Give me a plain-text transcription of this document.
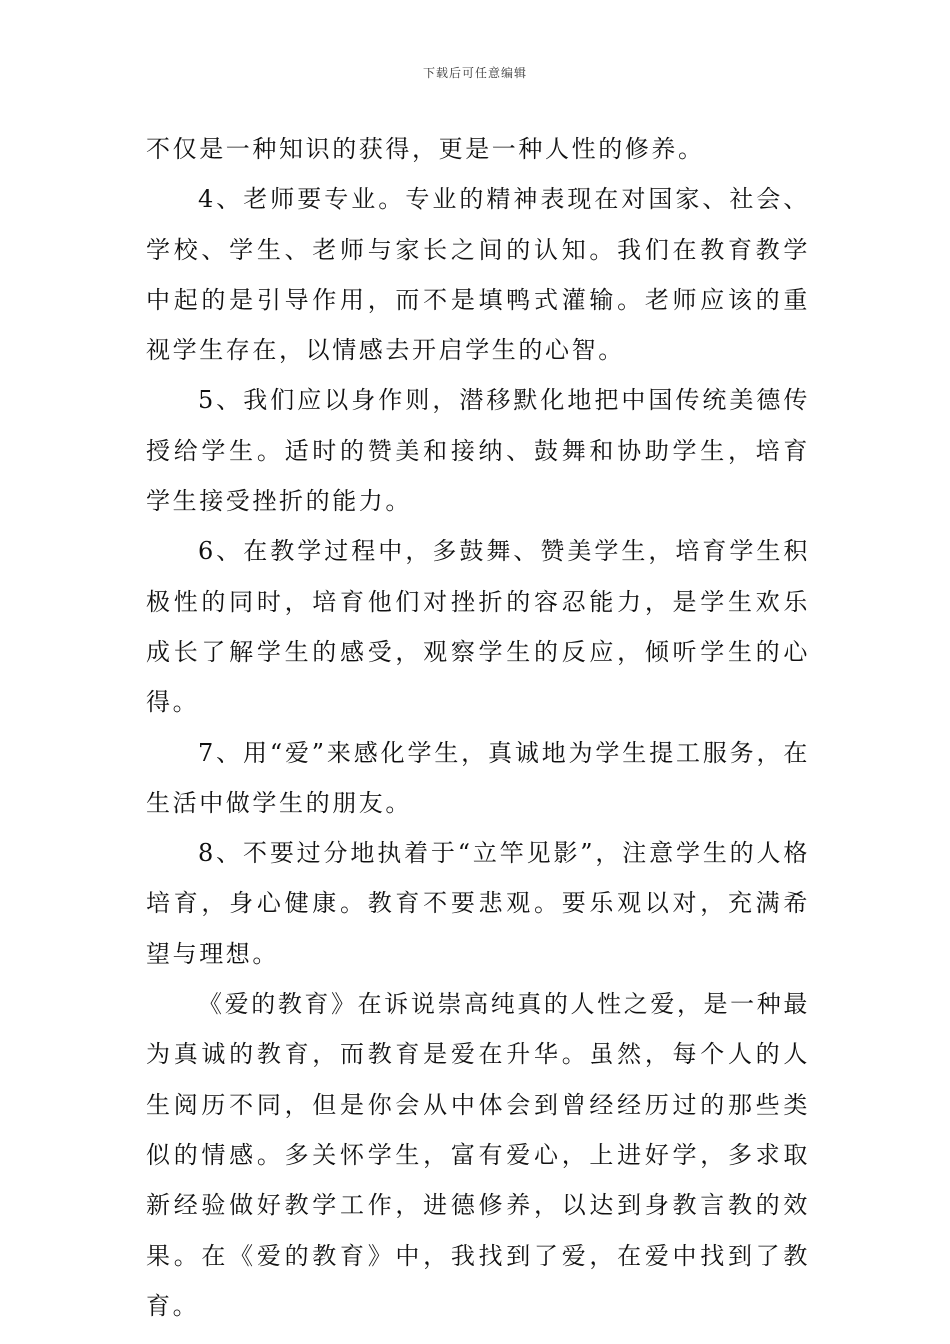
下载后可任意编辑

不仅是一种知识的获得，更是一种人性的修养。

4、老师要专业。专业的精神表现在对国家、社会、学校、学生、老师与家长之间的认知。我们在教育教学中起的是引导作用，而不是填鸭式灌输。老师应该的重视学生存在，以情感去开启学生的心智。

5、我们应以身作则，潜移默化地把中国传统美德传授给学生。适时的赞美和接纳、鼓舞和协助学生，培育学生接受挫折的能力。

6、在教学过程中，多鼓舞、赞美学生，培育学生积极性的同时，培育他们对挫折的容忍能力，是学生欢乐成长了解学生的感受，观察学生的反应，倾听学生的心得。

7、用“爱”来感化学生，真诚地为学生提工服务，在生活中做学生的朋友。

8、不要过分地执着于“立竿见影”，注意学生的人格培育，身心健康。教育不要悲观。要乐观以对，充满希望与理想。

《爱的教育》在诉说崇高纯真的人性之爱，是一种最为真诚的教育，而教育是爱在升华。虽然，每个人的人生阅历不同，但是你会从中体会到曾经经历过的那些类似的情感。多关怀学生，富有爱心，上进好学，多求取新经验做好教学工作，进德修养，以达到身教言教的效果。在《爱的教育》中，我找到了爱，在爱中找到了教育。
